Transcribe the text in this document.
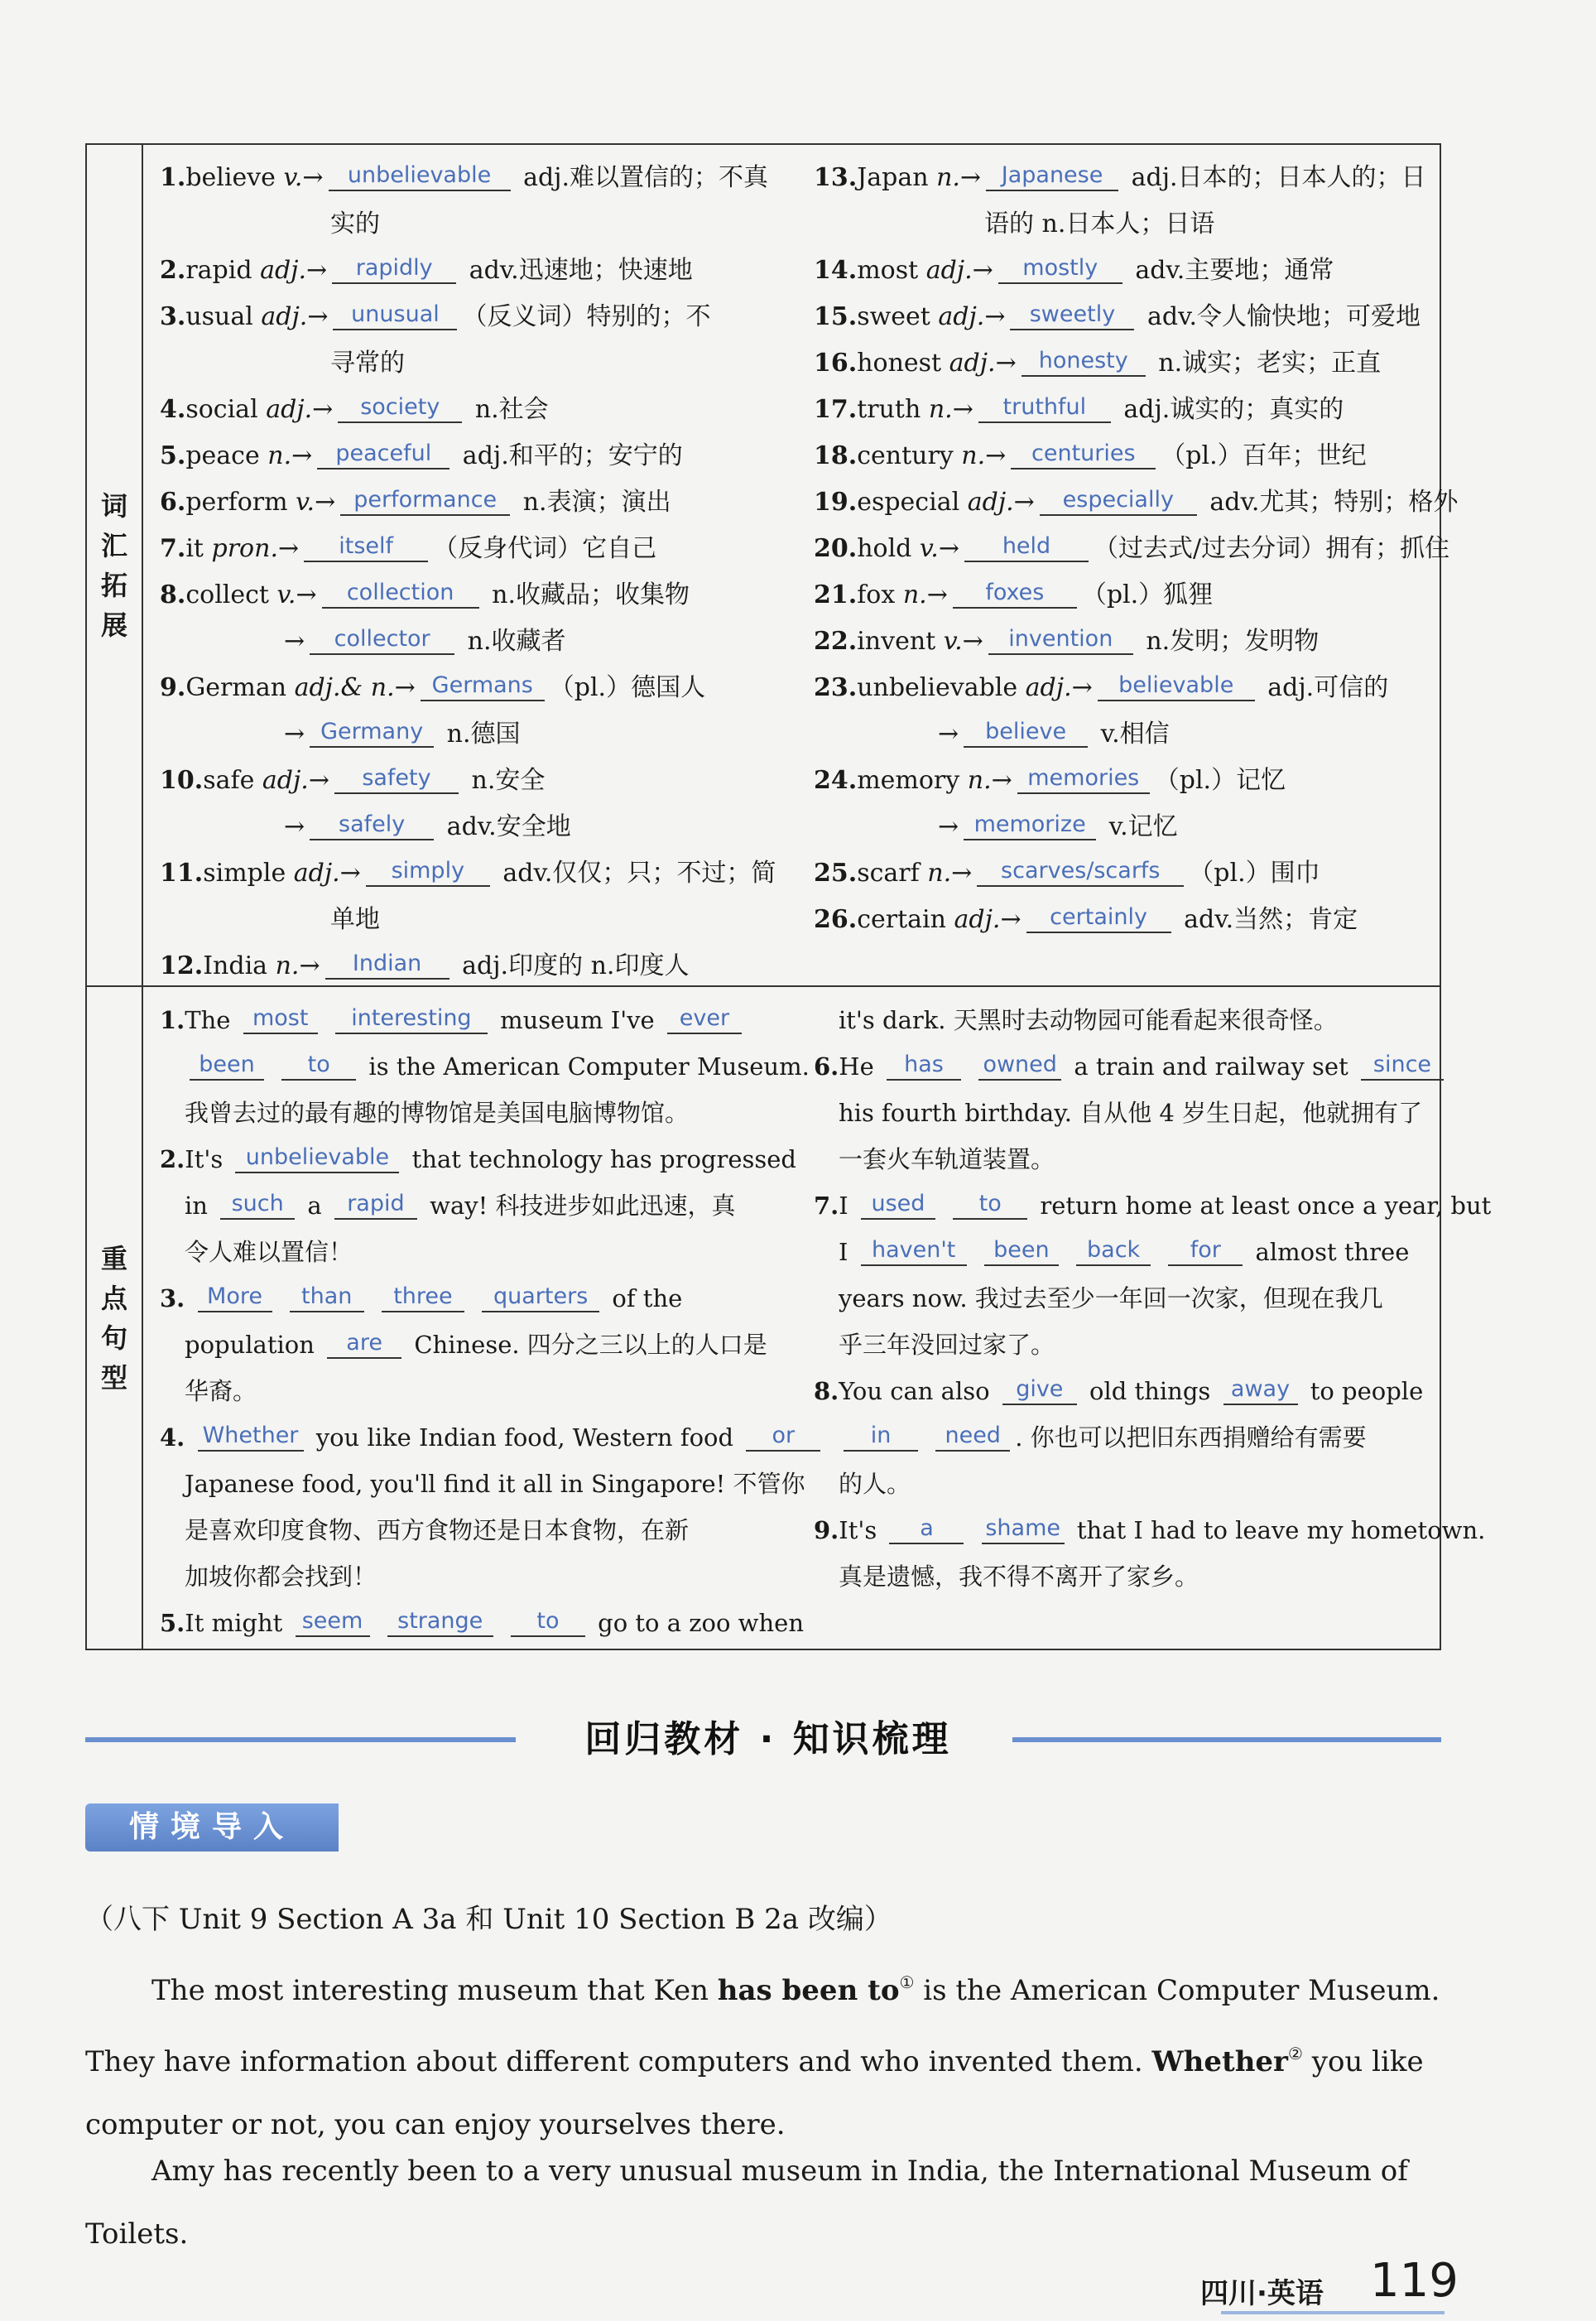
词汇拓展
1.believe v.→ unbelievable adj.难以置信的；不真
实的
2.rapid adj.→ rapidly adv.迅速地；快速地
3.usual adj.→ unusual （反义词）特别的；不
寻常的
4.social adj.→ society n.社会
5.peace n.→ peaceful adj.和平的；安宁的
6.perform v.→ performance n.表演；演出
7.it pron.→ itself （反身代词）它自己
8.collect v.→ collection n.收藏品；收集物
→ collector n.收藏者
9.German adj.& n.→ Germans （pl.）德国人
→ Germany n.德国
10.safe adj.→ safety n.安全
→ safely adv.安全地
11.simple adj.→ simply adv.仅仅；只；不过；简
单地
12.India n.→ Indian adj.印度的 n.印度人
13.Japan n.→ Japanese adj.日本的；日本人的；日
语的 n.日本人；日语
14.most adj.→ mostly adv.主要地；通常
15.sweet adj.→ sweetly adv.令人愉快地；可爱地
16.honest adj.→ honesty n.诚实；老实；正直
17.truth n.→ truthful adj.诚实的；真实的
18.century n.→ centuries （pl.）百年；世纪
19.especial adj.→ especially adv.尤其；特别；格外
20.hold v.→ held （过去式/过去分词）拥有；抓住
21.fox n.→ foxes （pl.）狐狸
22.invent v.→ invention n.发明；发明物
23.unbelievable adj.→ believable adj.可信的
→ believe v.相信
24.memory n.→ memories （pl.）记忆
→ memorize v.记忆
25.scarf n.→ scarves/scarfs （pl.）围巾
26.certain adj.→ certainly adv.当然；肯定
重点句型
1.The most interesting museum I've ever
been to is the American Computer Museum.
我曾去过的最有趣的博物馆是美国电脑博物馆。
2.It's unbelievable that technology has progressed
in such a rapid way! 科技进步如此迅速，真
令人难以置信！
3. More than three quarters of the
population are Chinese. 四分之三以上的人口是
华裔。
4. Whether you like Indian food, Western food or
Japanese food, you'll find it all in Singapore! 不管你
是喜欢印度食物、西方食物还是日本食物，在新
加坡你都会找到！
5.It might seem strange to go to a zoo when
it's dark. 天黑时去动物园可能看起来很奇怪。
6.He has owned a train and railway set since
his fourth birthday. 自从他 4 岁生日起，他就拥有了
一套火车轨道装置。
7.I used to return home at least once a year, but
I haven't been back for almost three
years now. 我过去至少一年回一次家，但现在我几
乎三年没回过家了。
8.You can also give old things away to people
in need . 你也可以把旧东西捐赠给有需要
的人。
9.It's a shame that I had to leave my hometown.
真是遗憾，我不得不离开了家乡。
回归教材 · 知识梳理
情境导入
（八下 Unit 9 Section A 3a 和 Unit 10 Section B 2a 改编）
The most interesting museum that Ken has been to① is the American Computer Museum. They have information about different computers and who invented them. Whether② you like computer or not, you can enjoy yourselves there.
Amy has recently been to a very unusual museum in India, the International Museum of Toilets.
四川·英语 119
